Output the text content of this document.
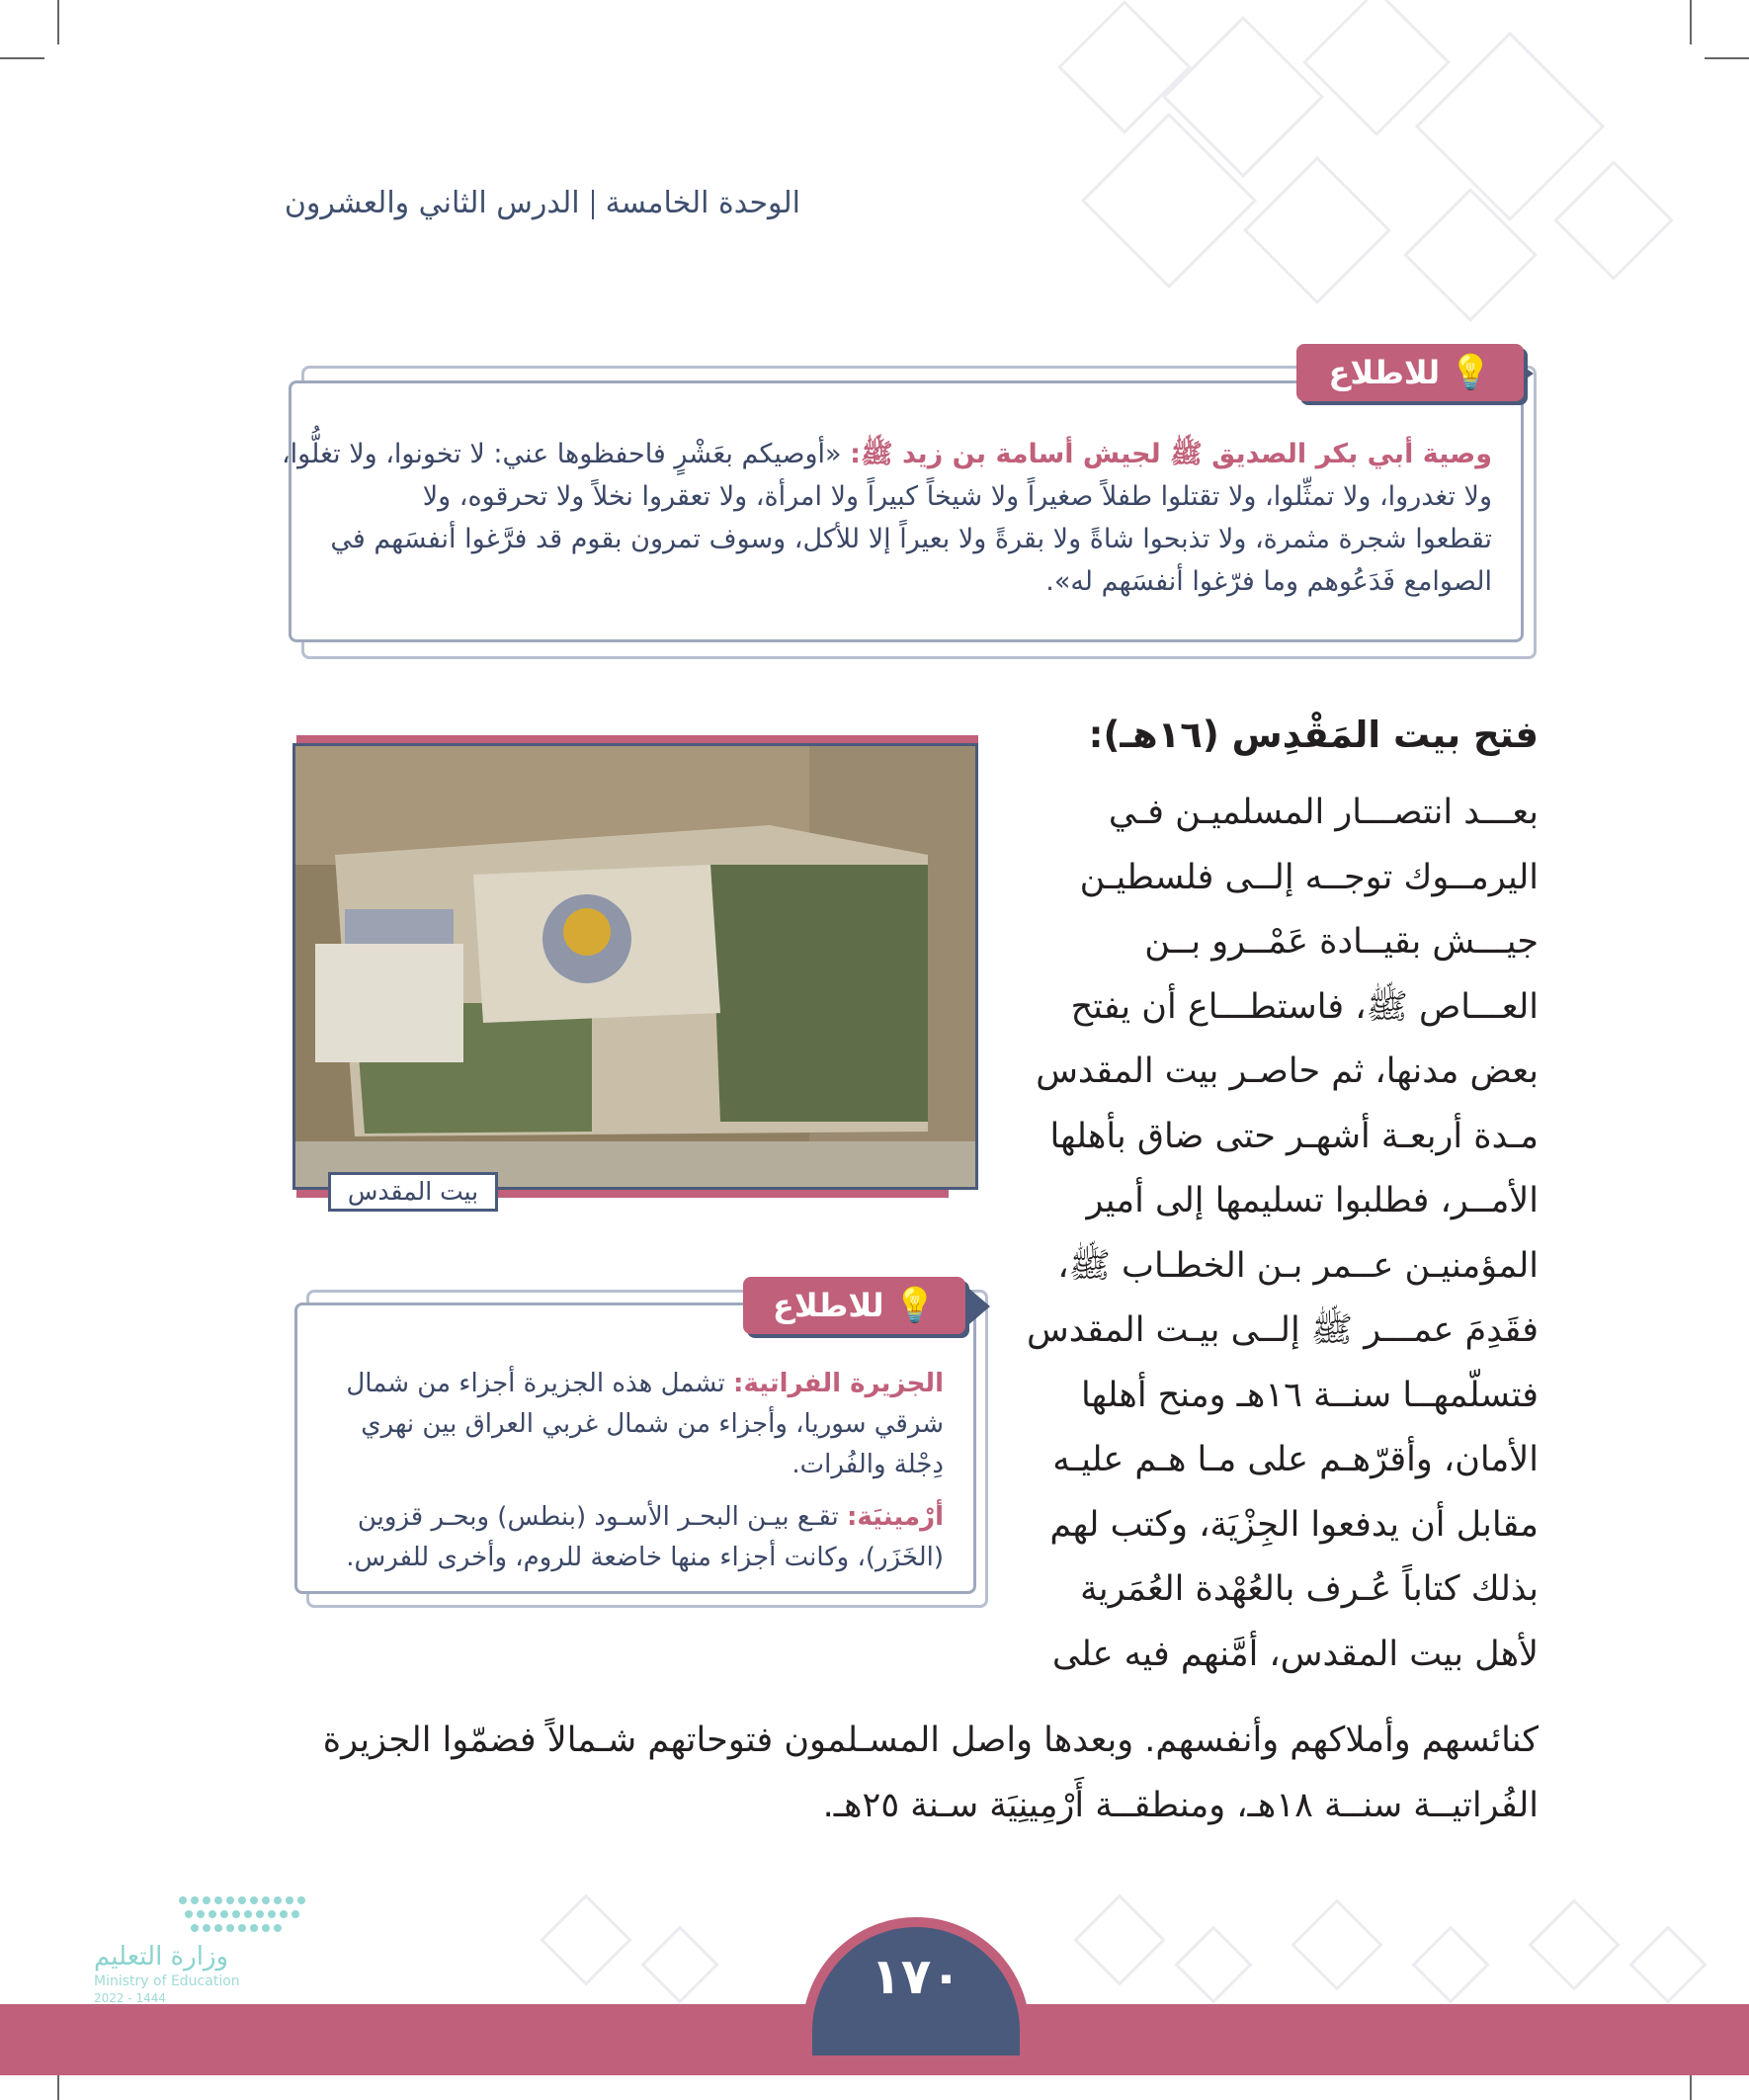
الوحدة الخامسةالدرس الثاني والعشرون
💡
للاطلاع
وصية أبي بكر الصديق ﷺ لجيش أسامة بن زيد ﷺ: «أوصيكم بعَشْرٍ فاحفظوها عني: لا تخونوا، ولا تغلُّوا،
ولا تغدروا، ولا تمثِّلوا، ولا تقتلوا طفلاً صغيراً ولا شيخاً كبيراً ولا امرأة، ولا تعقروا نخلاً ولا تحرقوه، ولا
تقطعوا شجرة مثمرة، ولا تذبحوا شاةً ولا بقرةً ولا بعيراً إلا للأكل، وسوف تمرون بقوم قد فرَّغوا أنفسَهم في
الصوامع فَدَعُوهم وما فرّغوا أنفسَهم له».
فتح بيت المَقْدِس (١٦هـ):
بعـــد انتصـــار المسلميـن فـي
اليرمــوك توجــه إلــى فلسطيـن
جيـــش بقيــادة عَمْــرو بــن
العـــاص ﷺ، فاستطـــاع أن يفتح
بعض مدنها، ثم حاصـر بيت المقدس
مـدة أربعـة أشهـر حتى ضاق بأهلها
الأمــر، فطلبوا تسليمها إلى أمير
المؤمنيـن عــمر بـن الخطـاب ﷺ،
فقَدِمَ عمـــر ﷺ إلــى بيـت المقدس
فتسلّمهــا سنــة ١٦هـ ومنح أهلها
الأمان، وأقرّهـم على مـا هـم عليـه
مقابل أن يدفعوا الجِزْيَة، وكتب لهم
بذلك كتاباً عُـرف بالعُهْدة العُمَرية
لأهل بيت المقدس، أمَّنهم فيه على
كنائسهم وأملاكهم وأنفسهم. وبعدها واصل المسـلمون فتوحاتهم شـمالاً فضمّوا الجزيرة
الفُراتيــة سنــة ١٨هـ، ومنطقــة أَرْمِينِيَة سـنة ٢٥هـ.
بيت المقدس
💡
للاطلاع
الجزيرة الفراتية: تشمل هذه الجزيرة أجزاء من شمال
شرقي سوريا، وأجزاء من شمال غربي العراق بين نهري
دِجْلة والفُرات.
أرْمينيَة: تقـع بيـن البحـر الأسـود (بنطس) وبحـر قزوين
(الخَزَر)، وكانت أجزاء منها خاضعة للروم، وأخرى للفرس.
١٧٠
وزارة التعليم
Ministry of Education
2022 - 1444
